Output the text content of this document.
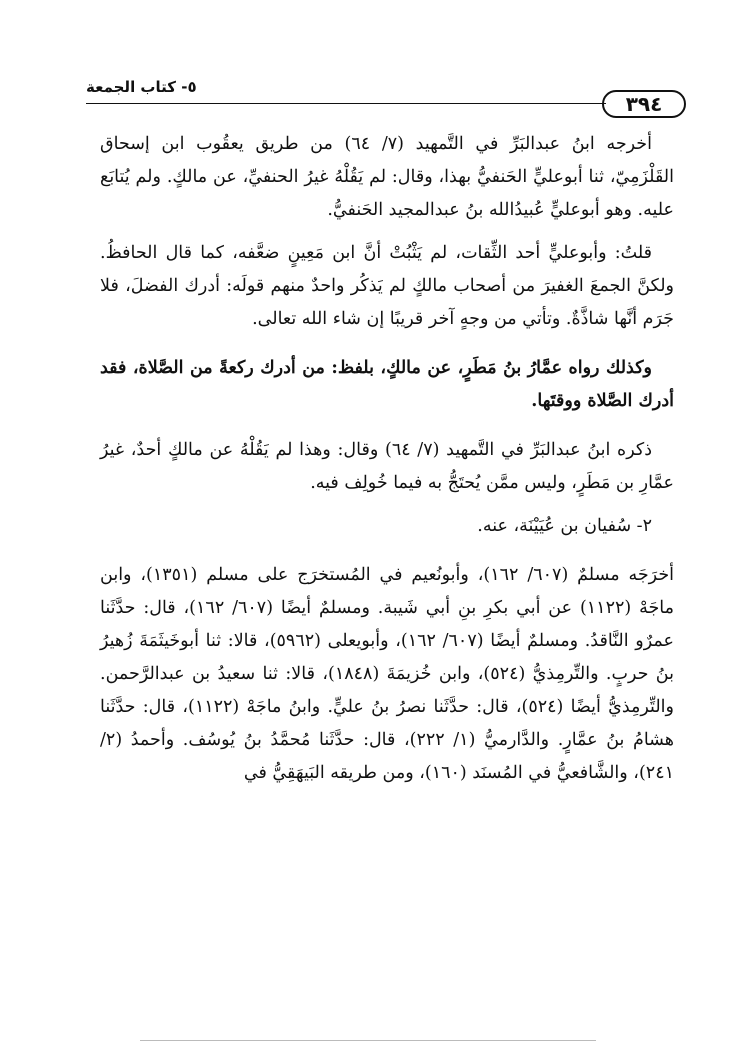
٣٩٤
٥- كتاب الجمعة

أخرجه ابنُ عبدالبَرِّ في التَّمهيد (٧/ ٦٤) من طريق يعقُوب ابن إسحاق القَلْزَمِيّ، ثنا أبوعليٍّ الحَنفيُّ بهذا، وقال: لم يَقُلْهُ غيرُ الحنفيِّ، عن مالكٍ. ولم يُتابَع عليه. وهو أبوعليٍّ عُبيدُالله بنُ عبدالمجيد الحَنفيُّ.

قلتُ: وأبوعليٍّ أحد الثِّقات، لم يَثْبُتْ أنَّ ابن مَعِينٍ ضعَّفه، كما قال الحافظُ. ولكنَّ الجمعَ الغفيرَ من أصحاب مالكٍ لم يَذكُر واحدٌ منهم قولَه: أدرك الفضلَ، فلا جَرَم أنَّها شاذَّةٌ. وتأتي من وجهٍ آخر قريبًا إن شاء الله تعالى.

وكذلك رواه عمَّارُ بنُ مَطَرٍ، عن مالكٍ، بلفظ: من أدرك ركعةً من الصَّلاة، فقد أدرك الصَّلاة ووقتَها.

ذكره ابنُ عبدالبَرِّ في التَّمهيد (٧/ ٦٤) وقال: وهذا لم يَقُلْهُ عن مالكٍ أحدٌ، غيرُ عمَّارِ بن مَطَرٍ، وليس ممَّن يُحتَجُّ به فيما خُولِف فيه.

٢- سُفيان بن عُيَيْنَة، عنه.

أخرَجَه مسلمٌ (٦٠٧/ ١٦٢)، وأبونُعيم في المُستخرَج على مسلم (١٣٥١)، وابن ماجَهْ (١١٢٢) عن أبي بكرِ بنِ أبي شَيبة. ومسلمٌ أيضًا (٦٠٧/ ١٦٢)، قال: حدَّثَنا عمرٌو النَّاقدُ. ومسلمٌ أيضًا (٦٠٧/ ١٦٢)، وأبويعلى (٥٩٦٢)، قالا: ثنا أبوخَيثَمَةَ زُهيرُ بنُ حربٍ. والتِّرمِذيُّ (٥٢٤)، وابن خُزيمَةَ (١٨٤٨)، قالا: ثنا سعيدُ بن عبدالرَّحمن. والتِّرمِذيُّ أيضًا (٥٢٤)، قال: حدَّثَنا نصرُ بنُ عليٍّ. وابنُ ماجَهْ (١١٢٢)، قال: حدَّثَنا هشامُ بنُ عمَّارٍ. والدَّارميُّ (١/ ٢٢٢)، قال: حدَّثَنا مُحمَّدُ بنُ يُوسُف. وأحمدُ (٢/ ٢٤١)، والشَّافعيُّ في المُسنَد (١٦٠)، ومن طريقه البَيهَقِيُّ في
